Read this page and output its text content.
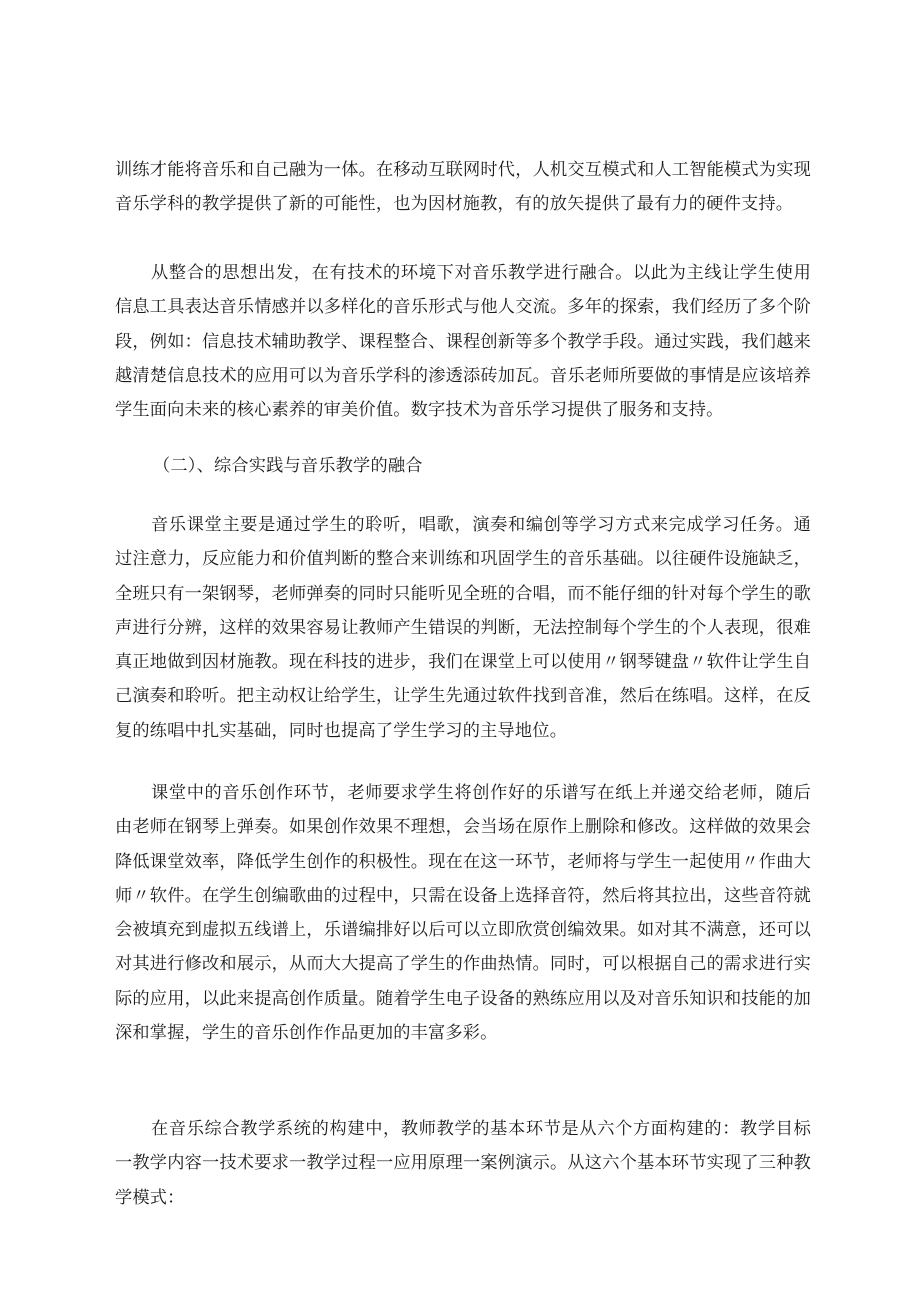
训练才能将音乐和自己融为一体。在移动互联网时代，人机交互模式和人工智能模式为实现音乐学科的教学提供了新的可能性，也为因材施教，有的放矢提供了最有力的硬件支持。

从整合的思想出发，在有技术的环境下对音乐教学进行融合。以此为主线让学生使用信息工具表达音乐情感并以多样化的音乐形式与他人交流。多年的探索，我们经历了多个阶段，例如：信息技术辅助教学、课程整合、课程创新等多个教学手段。通过实践，我们越来越清楚信息技术的应用可以为音乐学科的渗透添砖加瓦。音乐老师所要做的事情是应该培养学生面向未来的核心素养的审美价值。数字技术为音乐学习提供了服务和支持。

（二）、综合实践与音乐教学的融合

音乐课堂主要是通过学生的聆听，唱歌，演奏和编创等学习方式来完成学习任务。通过注意力，反应能力和价值判断的整合来训练和巩固学生的音乐基础。以往硬件设施缺乏，全班只有一架钢琴，老师弹奏的同时只能听见全班的合唱，而不能仔细的针对每个学生的歌声进行分辨，这样的效果容易让教师产生错误的判断，无法控制每个学生的个人表现，很难真正地做到因材施教。现在科技的进步，我们在课堂上可以使用〃钢琴键盘〃软件让学生自己演奏和聆听。把主动权让给学生，让学生先通过软件找到音准，然后在练唱。这样，在反复的练唱中扎实基础，同时也提高了学生学习的主导地位。

课堂中的音乐创作环节，老师要求学生将创作好的乐谱写在纸上并递交给老师，随后由老师在钢琴上弹奏。如果创作效果不理想，会当场在原作上删除和修改。这样做的效果会降低课堂效率，降低学生创作的积极性。现在在这一环节，老师将与学生一起使用〃作曲大师〃软件。在学生创编歌曲的过程中，只需在设备上选择音符，然后将其拉出，这些音符就会被填充到虚拟五线谱上，乐谱编排好以后可以立即欣赏创编效果。如对其不满意，还可以对其进行修改和展示，从而大大提高了学生的作曲热情。同时，可以根据自己的需求进行实际的应用，以此来提高创作质量。随着学生电子设备的熟练应用以及对音乐知识和技能的加深和掌握，学生的音乐创作作品更加的丰富多彩。

在音乐综合教学系统的构建中，教师教学的基本环节是从六个方面构建的：教学目标一教学内容一技术要求一教学过程一应用原理一案例演示。从这六个基本环节实现了三种教学模式：
